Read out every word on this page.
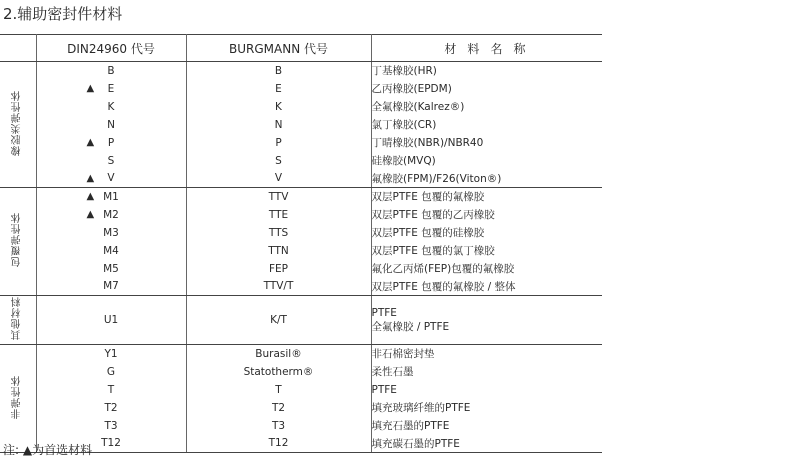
2.辅助密封件材料
	DIN24960 代号	BURGMANN 代号	材 料 名 称
橡胶类弹性体	B	B	丁基橡胶(HR)

	▲ E	E	乙丙橡胶(EPDM)
	K	K	全氟橡胶(Kalrez®)
	N	N	氯丁橡胶(CR)

	▲ P	P	丁晴橡胶(NBR)/NBR40
	S	S	硅橡胶(MVQ)

	▲ V	V	氟橡胶(FPM)/F26(Viton®)
包覆弹性体	▲ M1	TTV	双层PTFE 包覆的氟橡胶

	▲ M2	TTE	双层PTFE 包覆的乙丙橡胶
	M3	TTS	双层PTFE 包覆的硅橡胶
	M4	TTN	双层PTFE 包覆的氯丁橡胶
	M5	FEP	氟化乙丙烯(FEP)包覆的氟橡胶
	M7	TTV/T	双层PTFE 包覆的氟橡胶 / 整体
其他材料	U1	K/T	PTFE
全氟橡胶 / PTFE

非弹性体	Y1	Burasil®	非石棉密封垫
	G	Statotherm®	柔性石墨
	T	T	PTFE
	T2	T2	填充玻璃纤维的PTFE
	T3	T3	填充石墨的PTFE
	T12	T12	填充碳石墨的PTFE
注: ▲为首选材料
